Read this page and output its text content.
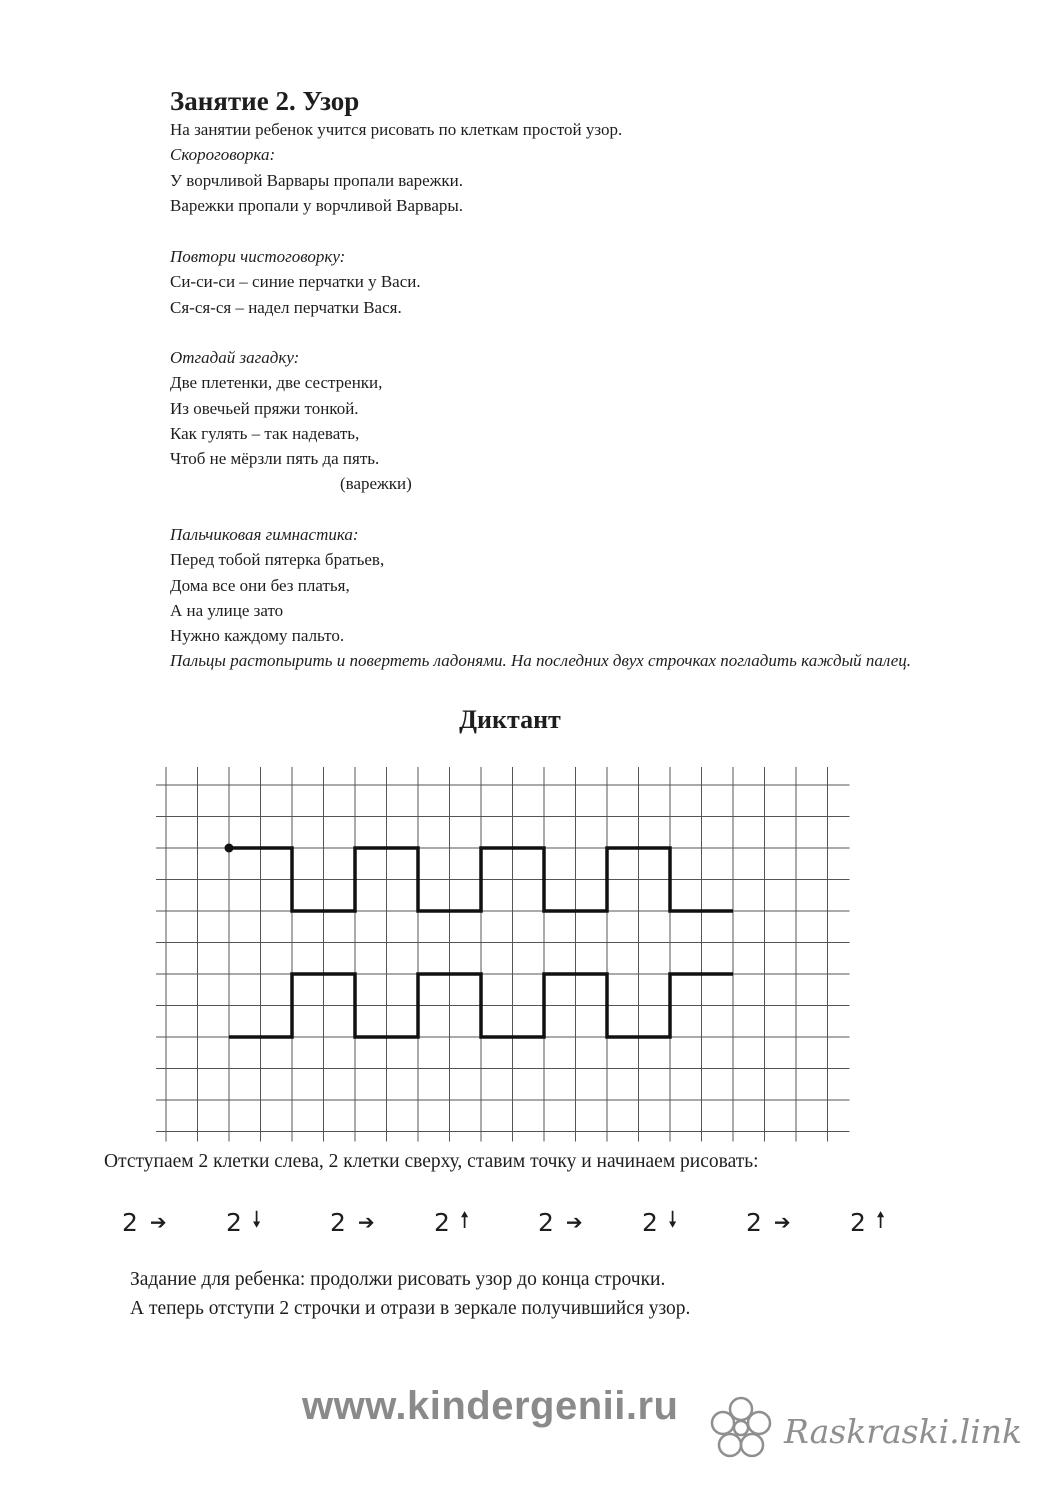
Занятие 2. Узор

На занятии ребенок учится рисовать по клеткам простой узор.

Скороговорка:

У ворчливой Варвары пропали варежки.

Варежки пропали у ворчливой Варвары.

Повтори чистоговорку:

Си-си-си – синие перчатки у Васи.

Ся-ся-ся – надел перчатки Вася.

Отгадай загадку:

Две плетенки, две сестренки,

Из овечьей пряжи тонкой.

Как гулять – так надевать,

Чтоб не мёрзли пять да пять.

(варежки)

Пальчиковая гимнастика:

Перед тобой пятерка братьев,

Дома все они без платья,

А на улице зато

Нужно каждому пальто.

Пальцы растопырить и повертеть ладонями. На последних двух строчках погладить каждый палец.

Диктант

Отступаем 2 клетки слева, 2 клетки сверху, ставим точку и начинаем рисовать:

2 ➔ 2 🠗	2 ➔ 2 🠕	2 ➔ 2 🠗	2 ➔ 2 🠕

Задание для ребенка: продолжи рисовать узор до конца строчки.

А теперь отступи 2 строчки и отрази в зеркале получившийся узор.

www.kindergenii.ru
Raskraski.link
